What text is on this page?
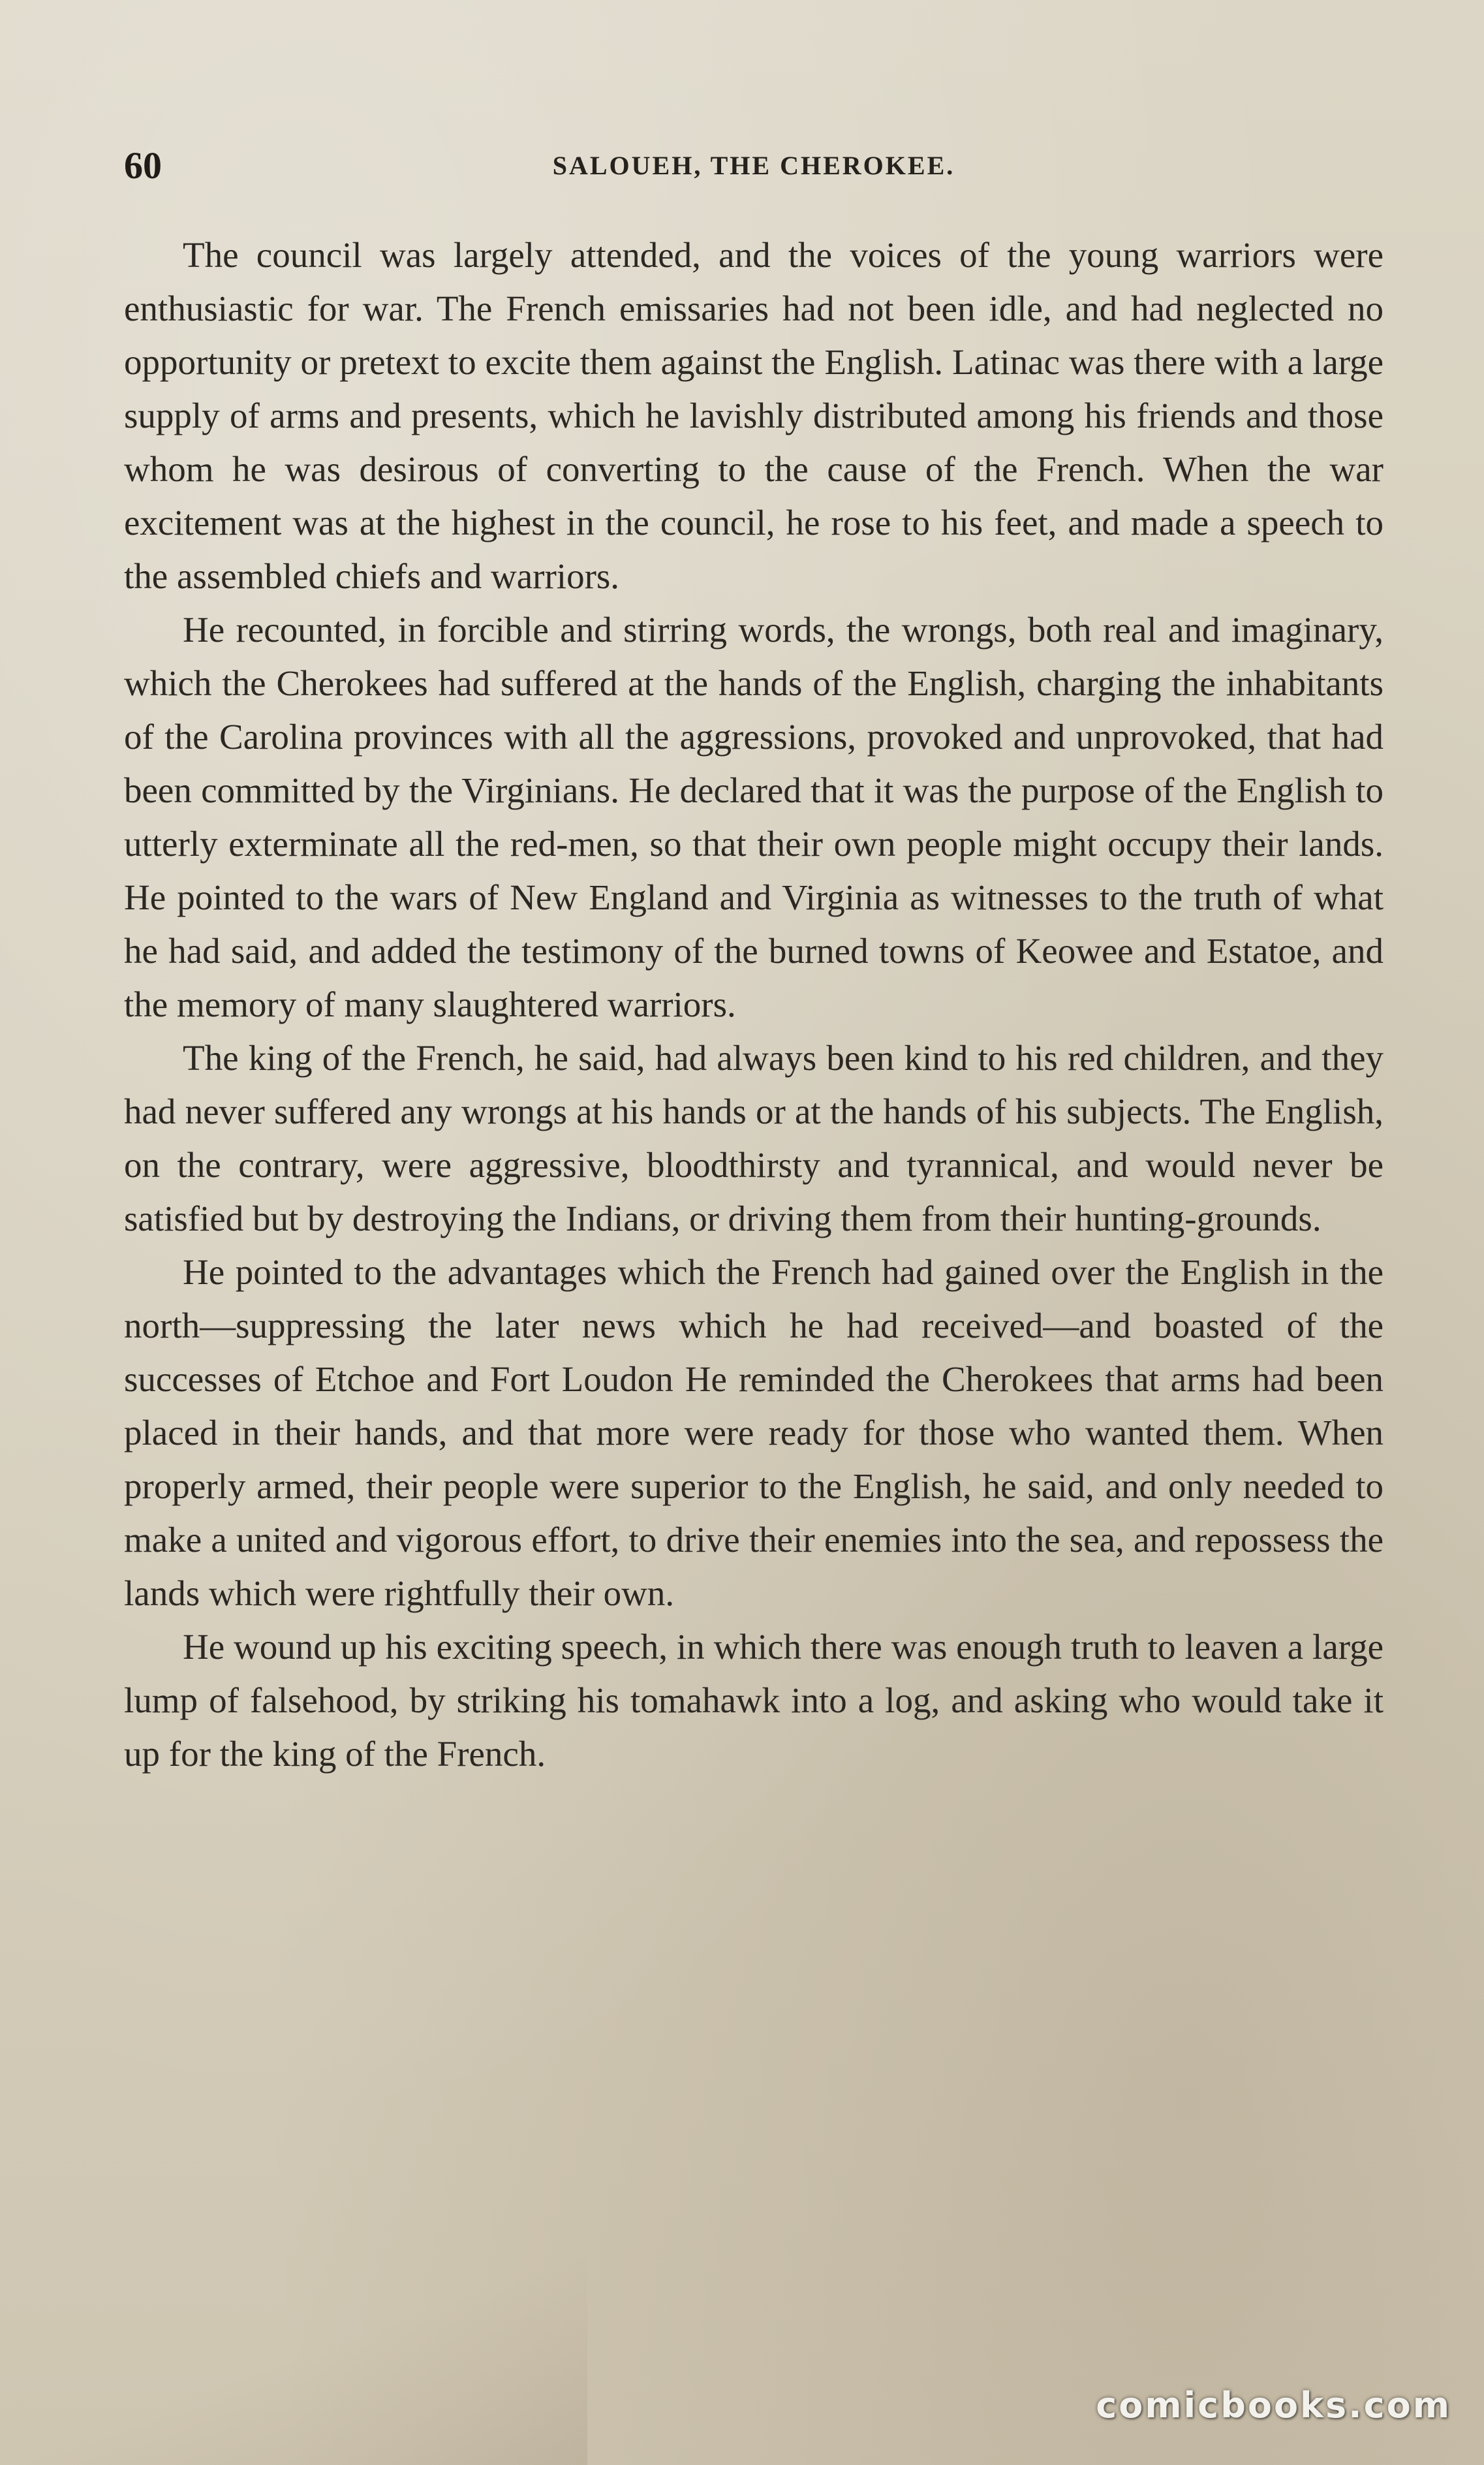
60	SALOUEH, THE CHEROKEE.

The council was largely attended, and the voices of the young warriors were enthusiastic for war. The French emissaries had not been idle, and had neglected no opportunity or pretext to excite them against the English. Latinac was there with a large supply of arms and presents, which he lavishly distributed among his friends and those whom he was desirous of converting to the cause of the French. When the war excitement was at the highest in the council, he rose to his feet, and made a speech to the assembled chiefs and warriors.

He recounted, in forcible and stirring words, the wrongs, both real and imaginary, which the Cherokees had suffered at the hands of the English, charging the inhabitants of the Carolina provinces with all the aggressions, provoked and unprovoked, that had been committed by the Virginians. He declared that it was the purpose of the English to utterly exterminate all the red-men, so that their own people might occupy their lands. He pointed to the wars of New England and Virginia as witnesses to the truth of what he had said, and added the testimony of the burned towns of Keowee and Estatoe, and the memory of many slaughtered warriors.

The king of the French, he said, had always been kind to his red children, and they had never suffered any wrongs at his hands or at the hands of his subjects. The English, on the contrary, were aggressive, bloodthirsty and tyrannical, and would never be satisfied but by destroying the Indians, or driving them from their hunting-grounds.

He pointed to the advantages which the French had gained over the English in the north—suppressing the later news which he had received—and boasted of the successes of Etchoe and Fort Loudon He reminded the Cherokees that arms had been placed in their hands, and that more were ready for those who wanted them. When properly armed, their people were superior to the English, he said, and only needed to make a united and vigorous effort, to drive their enemies into the sea, and repossess the lands which were rightfully their own.

He wound up his exciting speech, in which there was enough truth to leaven a large lump of falsehood, by striking his tomahawk into a log, and asking who would take it up for the king of the French.

comicbooks.com
